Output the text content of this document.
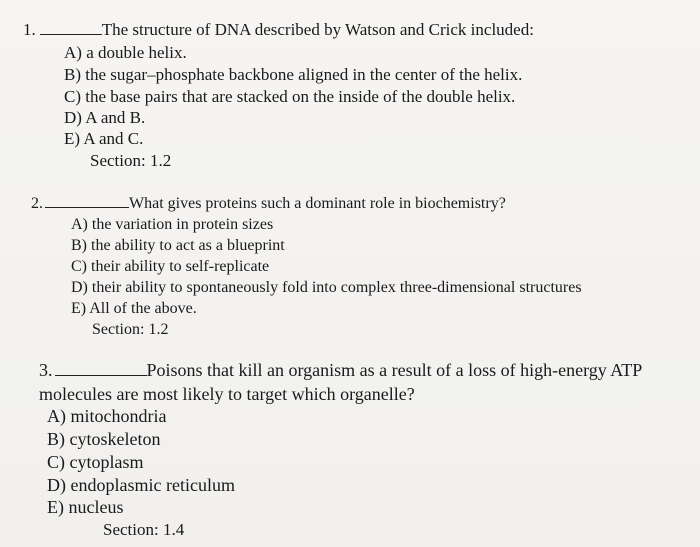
1.	The structure of DNA described by Watson and Crick included:
A) a double helix.
B) the sugar–phosphate backbone aligned in the center of the helix.
C) the base pairs that are stacked on the inside of the double helix.
D) A and B.
E) A and C.
Section: 1.2
2.	What gives proteins such a dominant role in biochemistry?
A) the variation in protein sizes
B) the ability to act as a blueprint
C) their ability to self-replicate
D) their ability to spontaneously fold into complex three-dimensional structures
E) All of the above.
Section: 1.2
3.	Poisons that kill an organism as a result of a loss of high-energy ATP
molecules are most likely to target which organelle?
A) mitochondria
B) cytoskeleton
C) cytoplasm
D) endoplasmic reticulum
E) nucleus
Section: 1.4
